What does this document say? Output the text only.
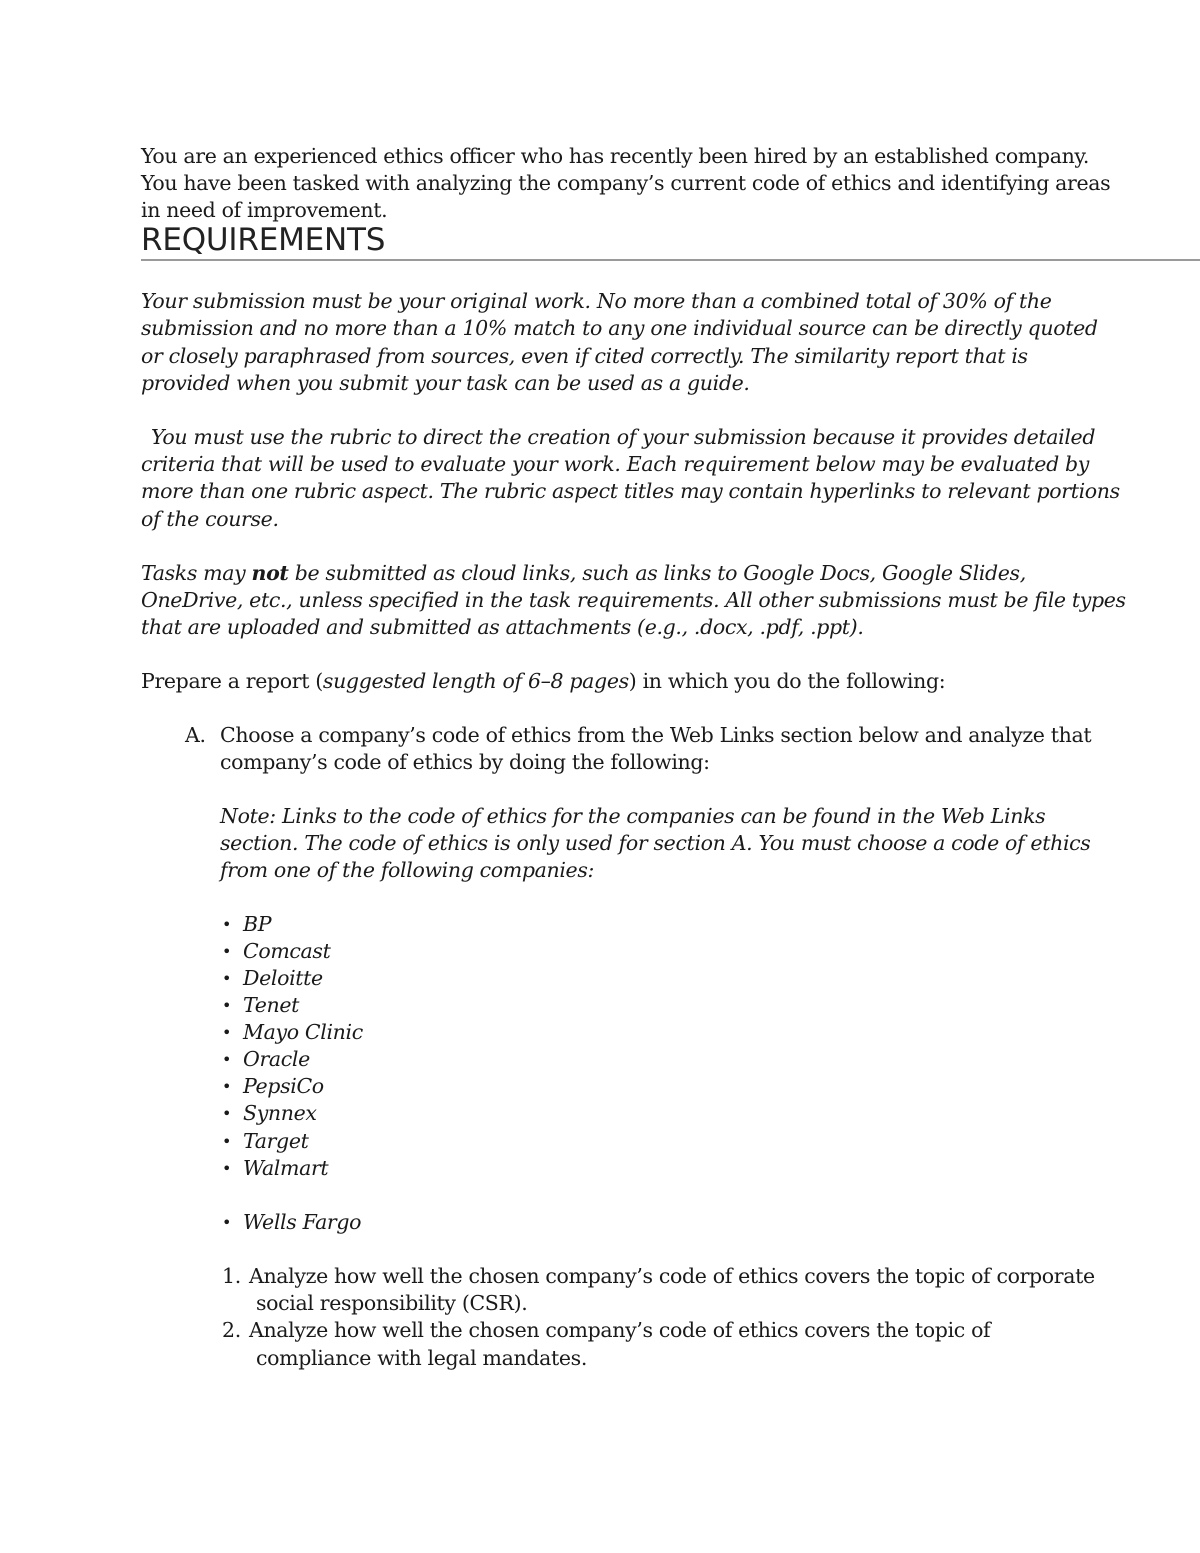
You are an experienced ethics officer who has recently been hired by an established company.

You have been tasked with analyzing the company’s current code of ethics and identifying areas

in need of improvement.

REQUIREMENTS

Your submission must be your original work. No more than a combined total of 30% of the

submission and no more than a 10% match to any one individual source can be directly quoted

or closely paraphrased from sources, even if cited correctly. The similarity report that is

provided when you submit your task can be used as a guide.

You must use the rubric to direct the creation of your submission because it provides detailed

criteria that will be used to evaluate your work. Each requirement below may be evaluated by

more than one rubric aspect. The rubric aspect titles may contain hyperlinks to relevant portions

of the course.

Tasks may not be submitted as cloud links, such as links to Google Docs, Google Slides,

OneDrive, etc., unless specified in the task requirements. All other submissions must be file types

that are uploaded and submitted as attachments (e.g., .docx, .pdf, .ppt).

Prepare a report (suggested length of 6–8 pages) in which you do the following:

A. Choose a company’s code of ethics from the Web Links section below and analyze that

company’s code of ethics by doing the following:

Note: Links to the code of ethics for the companies can be found in the Web Links

section. The code of ethics is only used for section A. You must choose a code of ethics

from one of the following companies:

• BP
• Comcast
• Deloitte
• Tenet
• Mayo Clinic
• Oracle
• PepsiCo
• Synnex
• Target
• Walmart
• Wells Fargo
1. Analyze how well the chosen company’s code of ethics covers the topic of corporate

social responsibility (CSR).

2. Analyze how well the chosen company’s code of ethics covers the topic of

compliance with legal mandates.
